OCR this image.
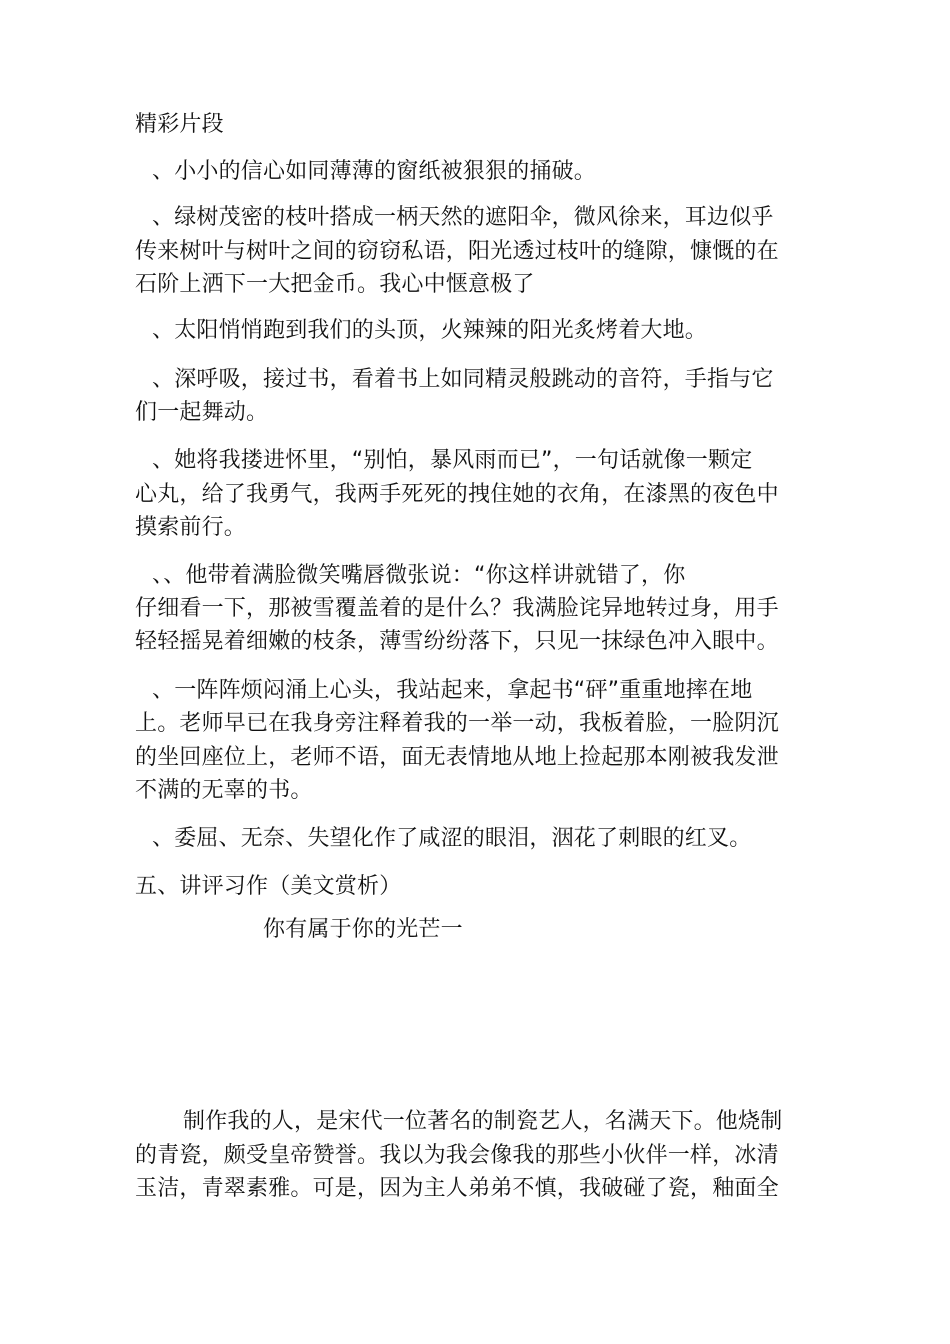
精彩片段
、小小的信心如同薄薄的窗纸被狠狠的捅破。
、绿树茂密的枝叶搭成一柄天然的遮阳伞，微风徐来，耳边似乎
传来树叶与树叶之间的窃窃私语，阳光透过枝叶的缝隙，慷慨的在
石阶上洒下一大把金币。我心中惬意极了
、太阳悄悄跑到我们的头顶，火辣辣的阳光炙烤着大地。
、深呼吸，接过书，看着书上如同精灵般跳动的音符，手指与它
们一起舞动。
、她将我搂进怀里，“别怕，暴风雨而已”，一句话就像一颗定
心丸，给了我勇气，我两手死死的拽住她的衣角，在漆黑的夜色中
摸索前行。
、、他带着满脸微笑嘴唇微张说：“你这样讲就错了，你
仔细看一下，那被雪覆盖着的是什么？我满脸诧异地转过身，用手
轻轻摇晃着细嫩的枝条，薄雪纷纷落下，只见一抹绿色冲入眼中。
、一阵阵烦闷涌上心头，我站起来，拿起书“砰”重重地摔在地
上。老师早已在我身旁注释着我的一举一动，我板着脸，一脸阴沉
的坐回座位上，老师不语，面无表情地从地上捡起那本刚被我发泄
不满的无辜的书。
、委屈、无奈、失望化作了咸涩的眼泪，洇花了刺眼的红叉。
五、讲评习作（美文赏析）
你有属于你的光芒一
制作我的人，是宋代一位著名的制瓷艺人，名满天下。他烧制
的青瓷，颇受皇帝赞誉。我以为我会像我的那些小伙伴一样，冰清
玉洁，青翠素雅。可是，因为主人弟弟不慎，我破碰了瓷，釉面全
